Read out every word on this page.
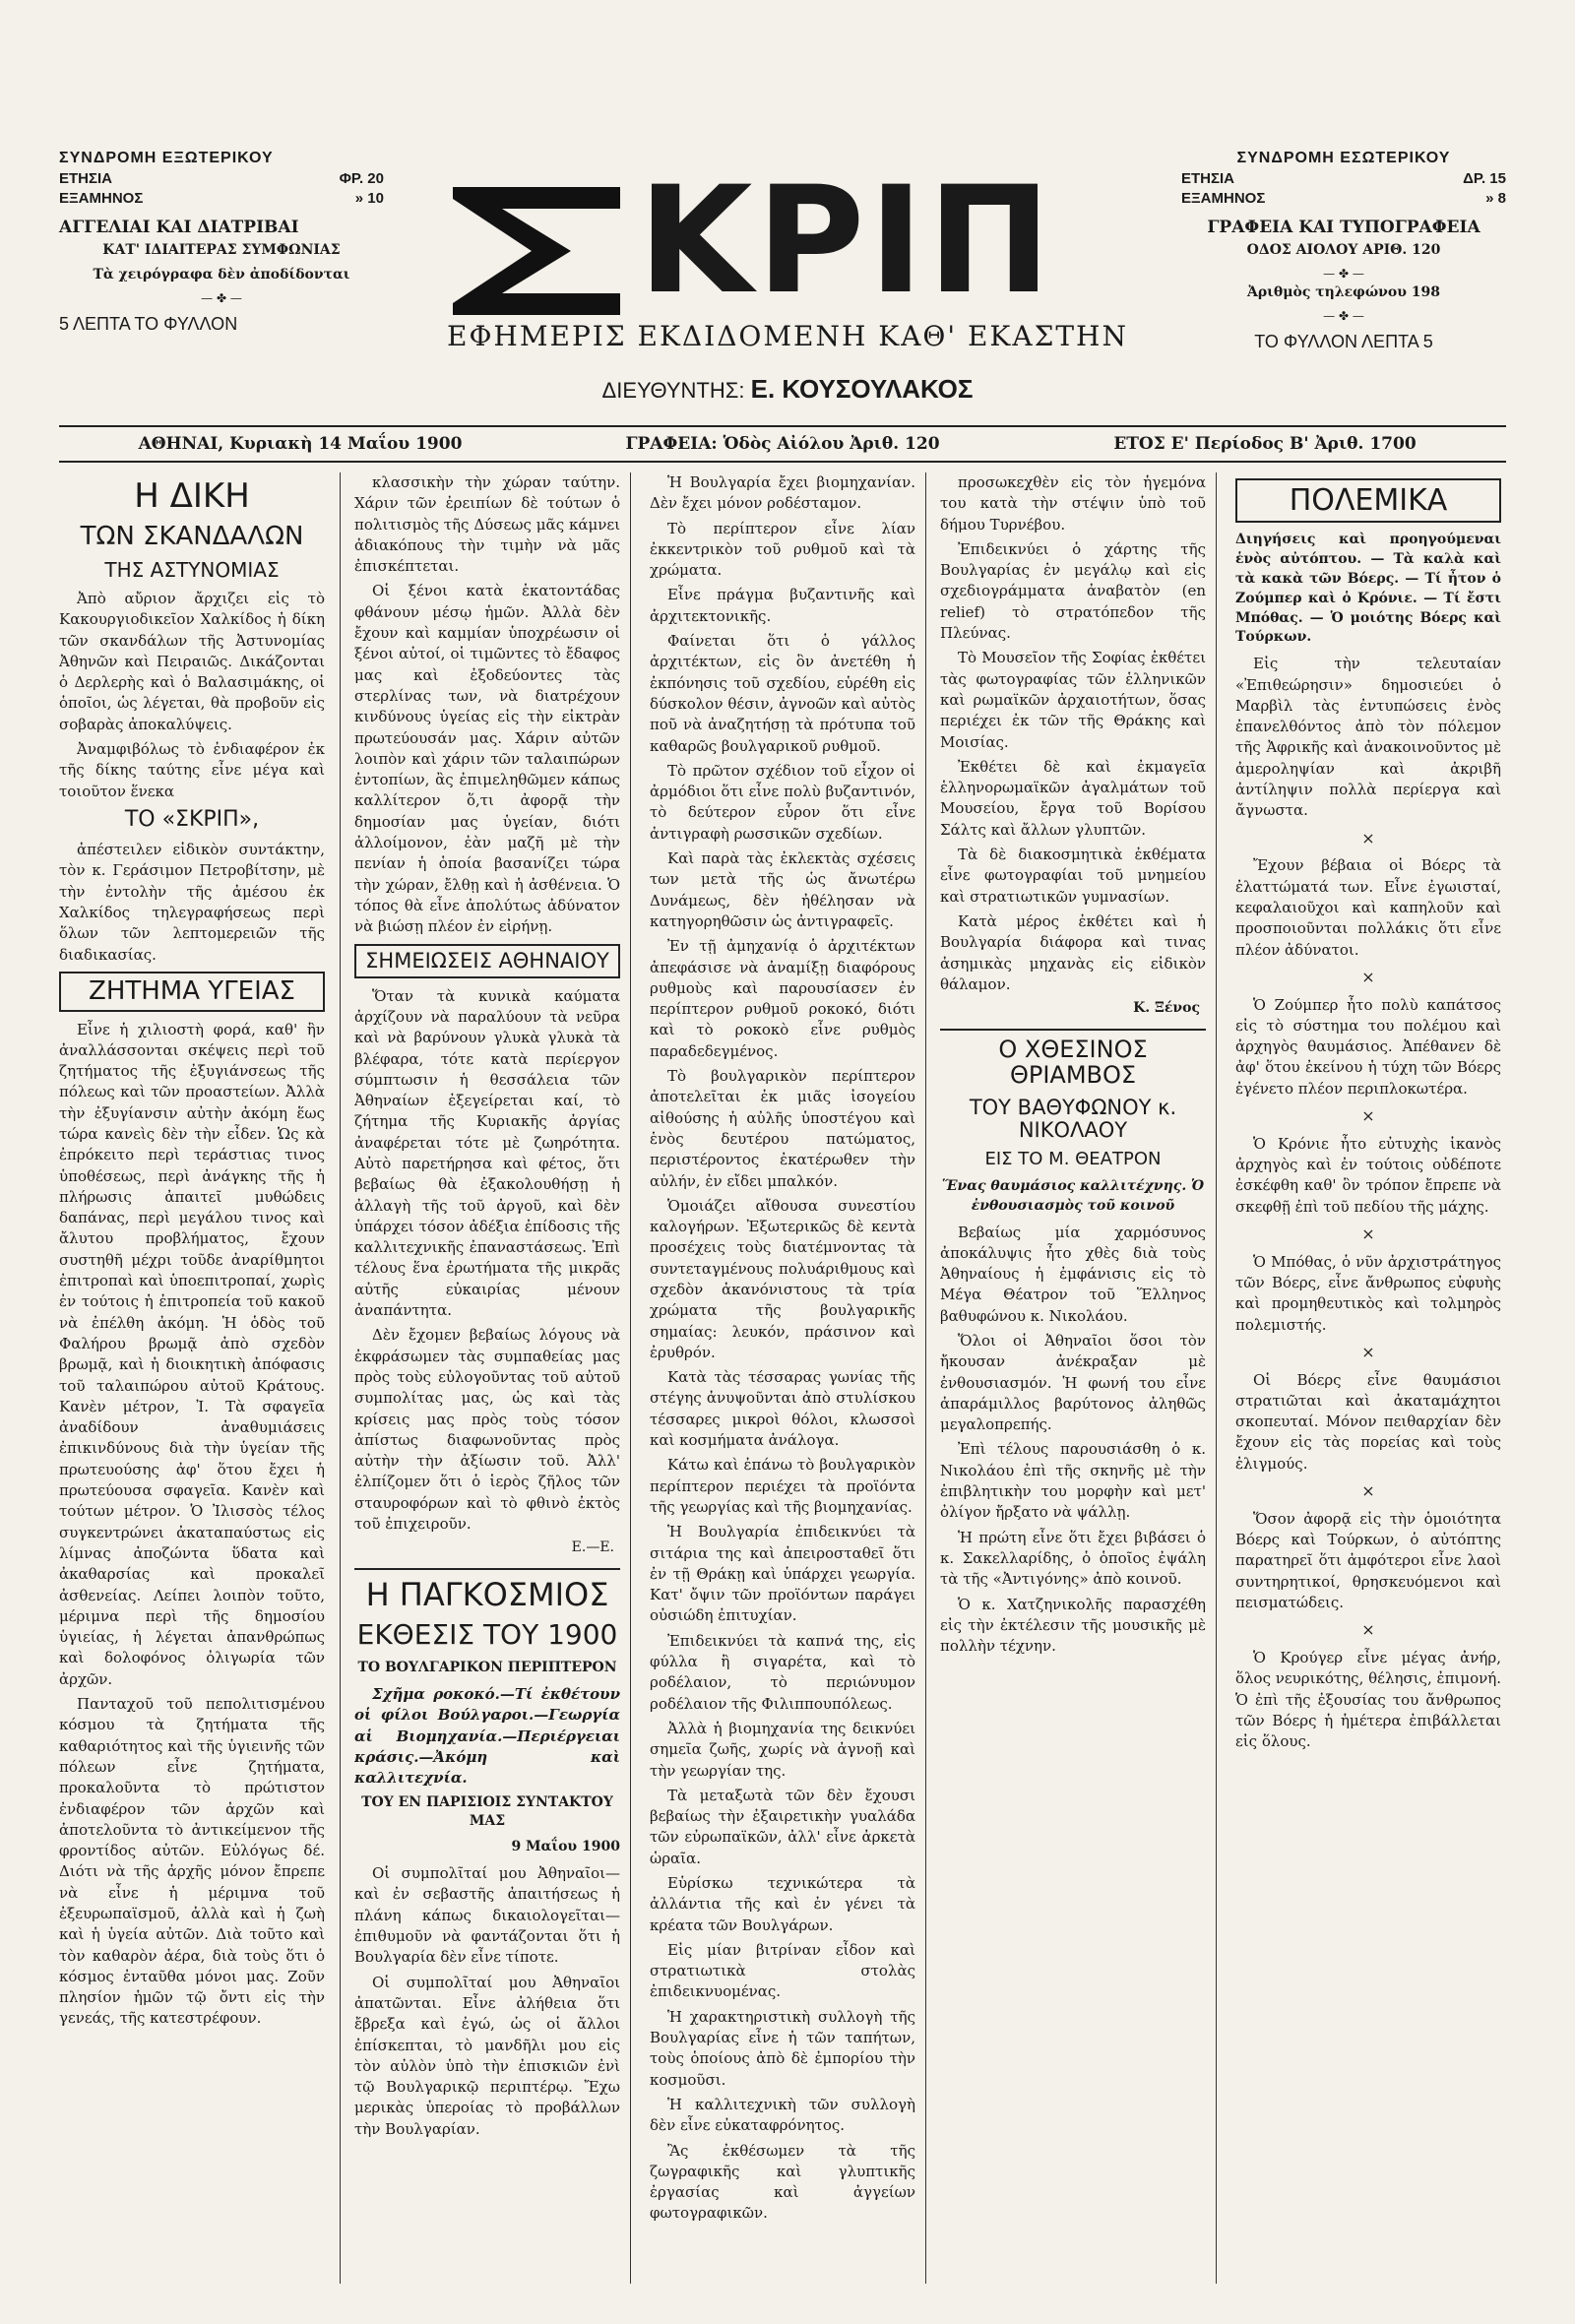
ΣΥΝΔΡΟΜΗ ΕΞΩΤΕΡΙΚΟΥ
ΕΤΗΣΙΑ	ΦΡ. 20
ΕΞΑΜΗΝΟΣ	» 10
ΑΓΓΕΛΙΑΙ ΚΑΙ ΔΙΑΤΡΙΒΑΙ
ΚΑΤ' ΙΔΙΑΙΤΕΡΑΣ ΣΥΜΦΩΝΙΑΣ
Τὰ χειρόγραφα δὲν ἀποδίδονται
— ✤ —
5 ΛΕΠΤΑ ΤΟ ΦΥΛΛΟΝ	ΚΡΙΠ
ΕΦΗΜΕΡΙΣ ΕΚΔΙΔΟΜΕΝΗ ΚΑΘ' ΕΚΑΣΤΗΝ
ΔΙΕΥΘΥΝΤΗΣ: Ε. ΚΟΥΣΟΥΛΑΚΟΣ
ΣΥΝΔΡΟΜΗ ΕΣΩΤΕΡΙΚΟΥ
ΕΤΗΣΙΑ	ΔΡ. 15
ΕΞΑΜΗΝΟΣ	» 8
ΓΡΑΦΕΙΑ ΚΑΙ ΤΥΠΟΓΡΑΦΕΙΑ
ΟΔΟΣ ΑΙΟΛΟΥ ΑΡΙΘ. 120
— ✤ —
Ἀριθμὸς τηλεφώνου 198
— ✤ —
ΤΟ ΦΥΛΛΟΝ ΛΕΠΤΑ 5
ΑΘΗΝΑΙ, Κυριακὴ 14 Μαΐου 1900	ΓΡΑΦΕΙΑ: Ὁδὸς Αἰόλου Ἀριθ. 120	ΕΤΟΣ Ε' Περίοδος Β' Ἀριθ. 1700
Η ΔΙΚΗ
ΤΩΝ ΣΚΑΝΔΑΛΩΝ
ΤΗΣ ΑΣΤΥΝΟΜΙΑΣ

Ἀπὸ αὔριον ἄρχιζει εἰς τὸ Κακουργιοδικεῖον Χαλκίδος ἡ δίκη τῶν σκανδάλων τῆς Ἀστυνομίας Ἀθηνῶν καὶ Πειραιῶς. Δικάζονται ὁ Δερλερὴς καὶ ὁ Βαλασιμάκης, οἱ ὁποῖοι, ὡς λέγεται, θὰ προβοῦν εἰς σοβαρὰς ἀποκαλύψεις.

Ἀναμφιβόλως τὸ ἐνδιαφέρον ἐκ τῆς δίκης ταύτης εἶνε μέγα καὶ τοιοῦτον ἕνεκα

ΤΟ «ΣΚΡΙΠ»,

ἀπέστειλεν εἰδικὸν συντάκτην, τὸν κ. Γεράσιμον Πετροβίτσην, μὲ τὴν ἐντολὴν τῆς ἀμέσου ἐκ Χαλκίδος τηλεγραφήσεως περὶ ὅλων τῶν λεπτομερειῶν τῆς διαδικασίας.

ΖΗΤΗΜΑ ΥΓΕΙΑΣ

Εἶνε ἡ χιλιοστὴ φορά, καθ' ἣν ἀναλλάσσονται σκέψεις περὶ τοῦ ζητήματος τῆς ἐξυγιάνσεως τῆς πόλεως καὶ τῶν προαστείων. Ἀλλὰ τὴν ἐξυγίανσιν αὐτὴν ἀκόμη ἕως τώρα κανεὶς δὲν τὴν εἶδεν. Ὡς κὰ ἐπρόκειτο περὶ τεράστιας τινος ὑποθέσεως, περὶ ἀνάγκης τῆς ἡ πλήρωσις ἀπαιτεῖ μυθώδεις δαπάνας, περὶ μεγάλου τινος καὶ ἄλυτου προβλήματος, ἔχουν συστηθῆ μέχρι τοῦδε ἀναρίθμητοι ἐπιτροπαὶ καὶ ὑποεπιτροπαί, χωρὶς ἐν τούτοις ἡ ἐπιτροπεία τοῦ κακοῦ νὰ ἐπέλθη ἀκόμη. Ἡ ὁδὸς τοῦ Φαλήρου βρωμᾷ ἀπὸ σχεδὸν βρωμᾷ, καὶ ἡ διοικητικὴ ἀπόφασις τοῦ ταλαιπώρου αὐτοῦ Κράτους. Κανὲν μέτρον, Ἰ. Τὰ σφαγεῖα ἀναδίδουν ἀναθυμιάσεις ἐπικινδύνους διὰ τὴν ὑγείαν τῆς πρωτευούσης ἀφ' ὅτου ἔχει ἡ πρωτεύουσα σφαγεῖα. Κανὲν καὶ τούτων μέτρον. Ὁ Ἰλισσὸς τέλος συγκεντρώνει ἀκαταπαύστως εἰς λίμνας ἀποζώντα ὕδατα καὶ ἀκαθαρσίας καὶ προκαλεῖ ἀσθενείας. Λείπει λοιπὸν τοῦτο, μέριμνα περὶ τῆς δημοσίου ὑγιείας, ἡ λέγεται ἀπανθρώπως καὶ δολοφόνος ὀλιγωρία τῶν ἀρχῶν.

Πανταχοῦ τοῦ πεπολιτισμένου κόσμου τὰ ζητήματα τῆς καθαριότητος καὶ τῆς ὑγιεινῆς τῶν πόλεων εἶνε ζητήματα, προκαλοῦντα τὸ πρώτιστον ἐνδιαφέρον τῶν ἀρχῶν καὶ ἀποτελοῦντα τὸ ἀντικείμενον τῆς φροντίδος αὐτῶν. Εὐλόγως δέ. Διότι νὰ τῆς ἀρχῆς μόνον ἔπρεπε νὰ εἶνε ἡ μέριμνα τοῦ ἐξευρωπαϊσμοῦ, ἀλλὰ καὶ ἡ ζωὴ καὶ ἡ ὑγεία αὐτῶν. Διὰ τοῦτο καὶ τὸν καθαρὸν ἀέρα, διὰ τοὺς ὅτι ὁ κόσμος ἐνταῦθα μόνοι μας. Ζοῦν πλησίον ἡμῶν τῷ ὄντι εἰς τὴν γενεάς, τῆς κατεστρέφουν.

κλασσικὴν τὴν χώραν ταύτην. Χάριν τῶν ἐρειπίων δὲ τούτων ὁ πολιτισμὸς τῆς Δύσεως μᾶς κάμνει ἀδιακόπους τὴν τιμὴν νὰ μᾶς ἐπισκέπτεται.

Οἱ ξένοι κατὰ ἑκατοντάδας φθάνουν μέσῳ ἡμῶν. Ἀλλὰ δὲν ἔχουν καὶ καμμίαν ὑποχρέωσιν οἱ ξένοι αὐτοί, οἱ τιμῶντες τὸ ἔδαφος μας καὶ ἐξοδεύοντες τὰς στερλίνας των, νὰ διατρέχουν κινδύνους ὑγείας εἰς τὴν εἰκτρὰν πρωτεύουσάν μας. Χάριν αὐτῶν λοιπὸν καὶ χάριν τῶν ταλαιπώρων ἐντοπίων, ἂς ἐπιμεληθῶμεν κάπως καλλίτερον ὅ,τι ἀφορᾷ τὴν δημοσίαν μας ὑγείαν, διότι ἀλλοίμονον, ἐὰν μαζῆ μὲ τὴν πενίαν ἡ ὁποία βασανίζει τώρα τὴν χώραν, ἔλθῃ καὶ ἡ ἀσθένεια. Ὁ τόπος θὰ εἶνε ἀπολύτως ἀδύνατον νὰ βιώσῃ πλέον ἐν εἰρήνῃ.

ΣΗΜΕΙΩΣΕΙΣ ΑΘΗΝΑΙΟΥ

Ὅταν τὰ κυνικὰ καύματα ἀρχίζουν νὰ παραλύουν τὰ νεῦρα καὶ νὰ βαρύνουν γλυκὰ γλυκὰ τὰ βλέφαρα, τότε κατὰ περίεργον σύμπτωσιν ἡ θεσσάλεια τῶν Ἀθηναίων ἐξεγείρεται καί, τὸ ζήτημα τῆς Κυριακῆς ἀργίας ἀναφέρεται τότε μὲ ζωηρότητα. Αὐτὸ παρετήρησα καὶ φέτος, ὅτι βεβαίως θὰ ἐξακολουθήσῃ ἡ ἀλλαγὴ τῆς τοῦ ἀργοῦ, καὶ δὲν ὑπάρχει τόσον ἀδέξια ἐπίδοσις τῆς καλλιτεχνικῆς ἐπαναστάσεως. Ἐπὶ τέλους ἕνα ἐρωτήματα τῆς μικρᾶς αὐτῆς εὐκαιρίας μένουν ἀναπάντητα.

Δὲν ἔχομεν βεβαίως λόγους νὰ ἐκφράσωμεν τὰς συμπαθείας μας πρὸς τοὺς εὐλογοῦντας τοῦ αὐτοῦ συμπολίτας μας, ὡς καὶ τὰς κρίσεις μας πρὸς τοὺς τόσον ἀπίστως διαφωνοῦντας πρὸς αὐτὴν τὴν ἀξίωσιν τοῦ. Ἀλλ' ἐλπίζομεν ὅτι ὁ ἱερὸς ζῆλος τῶν σταυροφόρων καὶ τὸ φθινὸ ἐκτὸς τοῦ ἐπιχειροῦν.

Ε.—Ε.
Η ΠΑΓΚΟΣΜΙΟΣ
ΕΚΘΕΣΙΣ ΤΟΥ 1900
ΤΟ ΒΟΥΛΓΑΡΙΚΟΝ ΠΕΡΙΠΤΕΡΟΝ

Σχῆμα ροκοκό.—Τί ἐκθέτουν οἱ φίλοι Βούλγαροι.—Γεωργία αἱ Βιομηχανία.—Περιέργειαι κράσις.—Ἀκόμη καὶ καλλιτεχνία.

ΤΟΥ ΕΝ ΠΑΡΙΣΙΟΙΣ ΣΥΝΤΑΚΤΟΥ ΜΑΣ
9 Μαΐου 1900

Οἱ συμπολῖταί μου Ἀθηναῖοι—καὶ ἐν σεβαστῆς ἀπαιτήσεως ἡ πλάνη κάπως δικαιολογεῖται—ἐπιθυμοῦν νὰ φαντάζονται ὅτι ἡ Βουλγαρία δὲν εἶνε τίποτε.

Οἱ συμπολῖταί μου Ἀθηναῖοι ἀπατῶνται. Εἶνε ἀλήθεια ὅτι ἔβρεξα καὶ ἐγώ, ὡς οἱ ἄλλοι ἐπίσκεπται, τὸ μανδῆλι μου εἰς τὸν αὐλὸν ὑπὸ τὴν ἐπισκιῶν ἐνὶ τῷ Βουλγαρικῷ περιπτέρῳ. Ἔχω μερικὰς ὑπεροίας τὸ προβάλλων τὴν Βουλγαρίαν.

Ἡ Βουλγαρία ἔχει βιομηχανίαν. Δὲν ἔχει μόνον ροδέσταμον.

Τὸ περίπτερον εἶνε λίαν ἐκκεντρικὸν τοῦ ρυθμοῦ καὶ τὰ χρώματα.

Εἶνε πράγμα βυζαντινῆς καὶ ἀρχιτεκτονικῆς.

Φαίνεται ὅτι ὁ γάλλος ἀρχιτέκτων, εἰς ὃν ἀνετέθη ἡ ἐκπόνησις τοῦ σχεδίου, εὑρέθη εἰς δύσκολον θέσιν, ἀγνοῶν καὶ αὐτὸς ποῦ νὰ ἀναζητήσῃ τὰ πρότυπα τοῦ καθαρῶς βουλγαρικοῦ ρυθμοῦ.

Τὸ πρῶτον σχέδιον τοῦ εἶχον οἱ ἀρμόδιοι ὅτι εἶνε πολὺ βυζαντινόν, τὸ δεύτερον εὗρον ὅτι εἶνε ἀντιγραφὴ ρωσσικῶν σχεδίων.

Καὶ παρὰ τὰς ἐκλεκτὰς σχέσεις των μετὰ τῆς ὡς ἄνωτέρω Δυνάμεως, δὲν ἠθέλησαν νὰ κατηγορηθῶσιν ὡς ἀντιγραφεῖς.

Ἐν τῇ ἀμηχανίᾳ ὁ ἀρχιτέκτων ἀπεφάσισε νὰ ἀναμίξῃ διαφόρους ρυθμοὺς καὶ παρουσίασεν ἐν περίπτερον ρυθμοῦ ροκοκό, διότι καὶ τὸ ροκοκὸ εἶνε ρυθμὸς παραδεδεγμένος.

Τὸ βουλγαρικὸν περίπτερον ἀποτελεῖται ἐκ μιᾶς ἰσογείου αἰθούσης ἡ αὐλῆς ὑποστέγου καὶ ἑνὸς δευτέρου πατώματος, περιστέροντος ἐκατέρωθεν τὴν αὐλήν, ἐν εἴδει μπαλκόν.

Ὁμοιάζει αἴθουσα συνεστίου καλογήρων. Ἐξωτερικῶς δὲ κεντὰ προσέχεις τοὺς διατέμνοντας τὰ συντεταγμένους πολυάριθμους καὶ σχεδὸν ἀκανόνιστους τὰ τρία χρώματα τῆς βουλγαρικῆς σημαίας: λευκόν, πράσινον καὶ ἐρυθρόν.

Κατὰ τὰς τέσσαρας γωνίας τῆς στέγης ἀνυψοῦνται ἀπὸ στυλίσκου τέσσαρες μικροὶ θόλοι, κλωσσοὶ καὶ κοσμήματα ἀνάλογα.

Κάτω καὶ ἐπάνω τὸ βουλγαρικὸν περίπτερον περιέχει τὰ προϊόντα τῆς γεωργίας καὶ τῆς βιομηχανίας.

Ἡ Βουλγαρία ἐπιδεικνύει τὰ σιτάρια της καὶ ἀπειροσταθεῖ ὅτι ἐν τῇ Θράκῃ καὶ ὑπάρχει γεωργία. Κατ' ὄψιν τῶν προϊόντων παράγει οὐσιώδη ἐπιτυχίαν.

Ἐπιδεικνύει τὰ καπνά της, εἰς φύλλα ἢ σιγαρέτα, καὶ τὸ ροδέλαιον, τὸ περιώνυμον ροδέλαιον τῆς Φιλιππουπόλεως.

Ἀλλὰ ἡ βιομηχανία της δεικνύει σημεῖα ζωῆς, χωρίς νὰ ἀγνοῇ καὶ τὴν γεωργίαν της.

Τὰ μεταξωτὰ τῶν δὲν ἔχουσι βεβαίως τὴν ἐξαιρετικὴν γυαλάδα τῶν εὐρωπαϊκῶν, ἀλλ' εἶνε ἀρκετὰ ὡραῖα.

Εὑρίσκω τεχνικώτερα τὰ ἀλλάντια τῆς καὶ ἐν γένει τὰ κρέατα τῶν Βουλγάρων.

Εἰς μίαν βιτρίναν εἶδον καὶ στρατιωτικὰ στολὰς ἐπιδεικνυομένας.

Ἡ χαρακτηριστικὴ συλλογὴ τῆς Βουλγαρίας εἶνε ἡ τῶν ταπήτων, τοὺς ὁποίους ἀπὸ δὲ ἐμπορίου τὴν κοσμοῦσι.

Ἡ καλλιτεχνικὴ τῶν συλλογὴ δὲν εἶνε εὐκαταφρόνητος.

Ἂς ἐκθέσωμεν τὰ τῆς ζωγραφικῆς καὶ γλυπτικῆς ἐργασίας καὶ ἀγγείων φωτογραφικῶν.

προσωκεχθὲν εἰς τὸν ἡγεμόνα του κατὰ τὴν στέψιν ὑπὸ τοῦ δήμου Τυρνέβου.

Ἐπιδεικνύει ὁ χάρτης τῆς Βουλγαρίας ἐν μεγάλῳ καὶ εἰς σχεδιογράμματα ἀναβατὸν (en relief) τὸ στρατόπεδον τῆς Πλεύνας.

Τὸ Μουσεῖον τῆς Σοφίας ἐκθέτει τὰς φωτογραφίας τῶν ἑλληνικῶν καὶ ρωμαϊκῶν ἀρχαιοτήτων, ὅσας περιέχει ἐκ τῶν τῆς Θράκης καὶ Μοισίας.

Ἐκθέτει δὲ καὶ ἐκμαγεῖα ἑλληνορωμαϊκῶν ἀγαλμάτων τοῦ Μουσείου, ἔργα τοῦ Βορίσου Σάλτς καὶ ἄλλων γλυπτῶν.

Τὰ δὲ διακοσμητικὰ ἐκθέματα εἶνε φωτογραφίαι τοῦ μνημείου καὶ στρατιωτικῶν γυμνασίων.

Κατὰ μέρος ἐκθέτει καὶ ἡ Βουλγαρία διάφορα καὶ τινας ἀσημικὰς μηχανὰς εἰς εἰδικὸν θάλαμον.

Κ. Ξένος
Ο ΧΘΕΣΙΝΟΣ ΘΡΙΑΜΒΟΣ
ΤΟΥ ΒΑΘΥΦΩΝΟΥ κ. ΝΙΚΟΛΑΟΥ
ΕΙΣ ΤΟ Μ. ΘΕΑΤΡΟΝ
Ἕνας θαυμάσιος καλλιτέχνης. Ὁ ἐνθουσιασμὸς τοῦ κοινοῦ

Βεβαίως μία χαρμόσυνος ἀποκάλυψις ἦτο χθὲς διὰ τοὺς Ἀθηναίους ἡ ἐμφάνισις εἰς τὸ Μέγα Θέατρον τοῦ Ἕλληνος βαθυφώνου κ. Νικολάου.

Ὅλοι οἱ Ἀθηναῖοι ὅσοι τὸν ἤκουσαν ἀνέκραξαν μὲ ἐνθουσιασμόν. Ἡ φωνή του εἶνε ἀπαράμιλλος βαρύτονος ἀληθῶς μεγαλοπρεπής.

Ἐπὶ τέλους παρουσιάσθη ὁ κ. Νικολάου ἐπὶ τῆς σκηνῆς μὲ τὴν ἐπιβλητικὴν του μορφὴν καὶ μετ' ὀλίγον ἤρξατο νὰ ψάλλῃ.

Ἡ πρώτη εἶνε ὅτι ἔχει βιβάσει ὁ κ. Σακελλαρίδης, ὁ ὁποῖος ἐψάλη τὰ τῆς «Ἀντιγόνης» ἀπὸ κοινοῦ.

Ὁ κ. Χατζηνικολῆς παρασχέθη εἰς τὴν ἐκτέλεσιν τῆς μουσικῆς μὲ πολλὴν τέχνην.

ΠΟΛΕΜΙΚΑ
Διηγήσεις καὶ προηγούμεναι ἑνὸς αὐτόπτου. — Τὰ καλὰ καὶ τὰ κακὰ τῶν Βόερς. — Τί ἦτον ὁ Ζούμπερ καὶ ὁ Κρόνιε. — Τί ἔστι Μπόθας. — Ὁ μοιότης Βόερς καὶ Τούρκων.

Εἰς τὴν τελευταίαν «Ἐπιθεώρησιν» δημοσιεύει ὁ Μαρβὶλ τὰς ἐντυπώσεις ἑνὸς ἐπανελθόντος ἀπὸ τὸν πόλεμον τῆς Ἀφρικῆς καὶ ἀνακοινοῦντος μὲ ἀμεροληψίαν καὶ ἀκριβῆ ἀντίληψιν πολλὰ περίεργα καὶ ἄγνωστα.

×

Ἔχουν βέβαια οἱ Βόερς τὰ ἐλαττώματά των. Εἶνε ἐγωισταί, κεφαλαιοῦχοι καὶ καπηλοῦν καὶ προσποιοῦνται πολλάκις ὅτι εἶνε πλέον ἀδύνατοι.

×

Ὁ Ζούμπερ ἦτο πολὺ καπάτσος εἰς τὸ σύστημα του πολέμου καὶ ἀρχηγὸς θαυμάσιος. Ἀπέθανεν δὲ ἀφ' ὅτου ἐκείνου ἡ τύχη τῶν Βόερς ἐγένετο πλέον περιπλοκωτέρα.

×

Ὁ Κρόνιε ἦτο εὐτυχὴς ἱκανὸς ἀρχηγὸς καὶ ἐν τούτοις οὐδέποτε ἐσκέφθη καθ' ὃν τρόπον ἔπρεπε νὰ σκεφθῇ ἐπὶ τοῦ πεδίου τῆς μάχης.

×

Ὁ Μπόθας, ὁ νῦν ἀρχιστράτηγος τῶν Βόερς, εἶνε ἄνθρωπος εὐφυὴς καὶ προμηθευτικὸς καὶ τολμηρὸς πολεμιστής.

×

Οἱ Βόερς εἶνε θαυμάσιοι στρατιῶται καὶ ἀκαταμάχητοι σκοπευταί. Μόνον πειθαρχίαν δὲν ἔχουν εἰς τὰς πορείας καὶ τοὺς ἐλιγμούς.

×

Ὅσον ἀφορᾷ εἰς τὴν ὁμοιότητα Βόερς καὶ Τούρκων, ὁ αὐτόπτης παρατηρεῖ ὅτι ἀμφότεροι εἶνε λαοὶ συντηρητικοί, θρησκευόμενοι καὶ πεισματώδεις.

×

Ὁ Κρούγερ εἶνε μέγας ἀνήρ, ὅλος νευρικότης, θέλησις, ἐπιμονή. Ὁ ἐπὶ τῆς ἐξουσίας του ἄνθρωπος τῶν Βόερς ἡ ἡμέτερα ἐπιβάλλεται εἰς ὅλους.
